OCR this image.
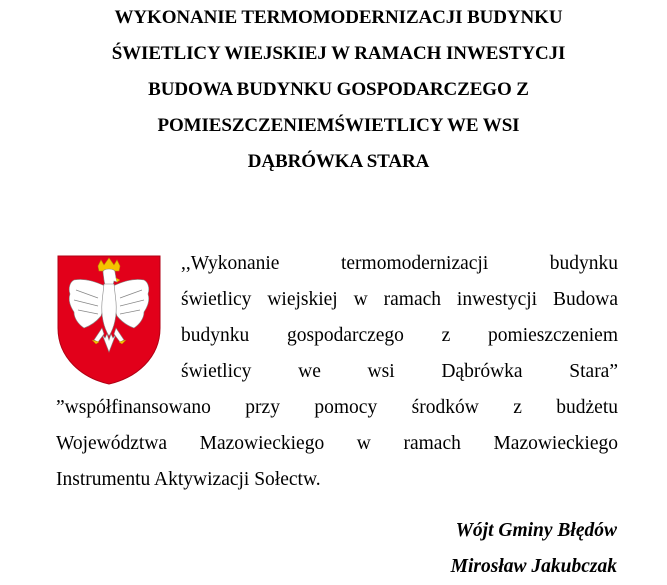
WYKONANIE TERMOMODERNIZACJI BUDYNKU
ŚWIETLICY WIEJSKIEJ W RAMACH INWESTYCJI
BUDOWA BUDYNKU GOSPODARCZEGO Z
POMIESZCZENIEMŚWIETLICY WE WSI
DĄBRÓWKA STARA
,,Wykonanie termomodernizacji budynku
świetlicy wiejskiej w ramach inwestycji Budowa
budynku gospodarczego z pomieszczeniem
świetlicy we wsi Dąbrówka Stara”
”współfinansowano przy pomocy środków z budżetu
Województwa Mazowieckiego w ramach Mazowieckiego
Instrumentu Aktywizacji Sołectw.
Wójt Gminy Błędów
Mirosław Jakubczak
